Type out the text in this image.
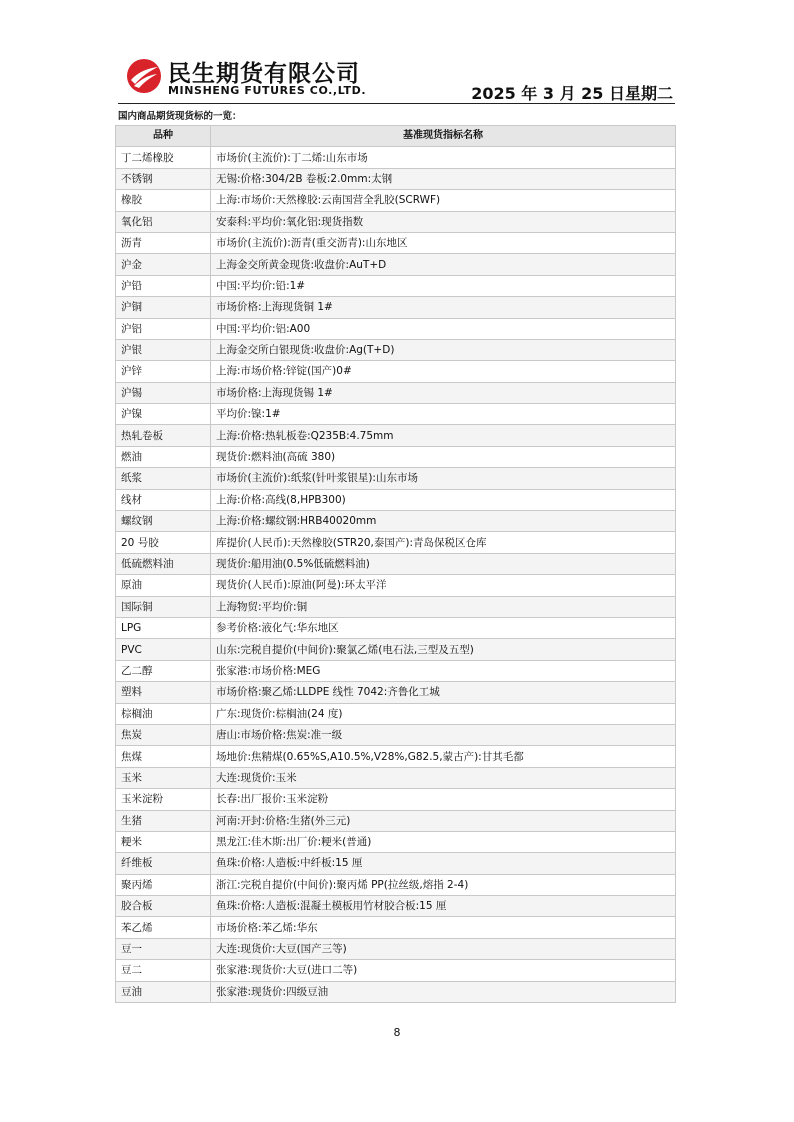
民生期货有限公司
MINSHENG FUTURES CO.,LTD.	2025 年 3 月 25 日星期二
国内商品期货现货标的一览：
品种	基准现货指标名称
丁二烯橡胶	市场价(主流价):丁二烯:山东市场
不锈钢	无锡:价格:304/2B 卷板:2.0mm:太钢
橡胶	上海:市场价:天然橡胶:云南国营全乳胶(SCRWF)
氧化铝	安泰科:平均价:氧化铝:现货指数
沥青	市场价(主流价):沥青(重交沥青):山东地区
沪金	上海金交所黄金现货:收盘价:AuT+D
沪铅	中国:平均价:铅:1#
沪铜	市场价格:上海现货铜 1#
沪铝	中国:平均价:铝:A00
沪银	上海金交所白银现货:收盘价:Ag(T+D)
沪锌	上海:市场价格:锌锭(国产)0#
沪锡	市场价格:上海现货锡 1#
沪镍	平均价:镍:1#
热轧卷板	上海:价格:热轧板卷:Q235B:4.75mm
燃油	现货价:燃料油(高硫 380)
纸浆	市场价(主流价):纸浆(针叶浆银星):山东市场
线材	上海:价格:高线(8,HPB300)
螺纹钢	上海:价格:螺纹钢:HRB40020mm
20 号胶	库提价(人民币):天然橡胶(STR20,泰国产):青岛保税区仓库
低硫燃料油	现货价:船用油(0.5%低硫燃料油)
原油	现货价(人民币):原油(阿曼):环太平洋
国际铜	上海物贸:平均价:铜
LPG	参考价格:液化气:华东地区
PVC	山东:完税自提价(中间价):聚氯乙烯(电石法,三型及五型)
乙二醇	张家港:市场价格:MEG
塑料	市场价格:聚乙烯:LLDPE 线性 7042:齐鲁化工城
棕榈油	广东:现货价:棕榈油(24 度)
焦炭	唐山:市场价格:焦炭:准一级
焦煤	场地价:焦精煤(0.65%S,A10.5%,V28%,G82.5,蒙古产):甘其毛都
玉米	大连:现货价:玉米
玉米淀粉	长春:出厂报价:玉米淀粉
生猪	河南:开封:价格:生猪(外三元)
粳米	黑龙江:佳木斯:出厂价:粳米(普通)
纤维板	鱼珠:价格:人造板:中纤板:15 厘
聚丙烯	浙江:完税自提价(中间价):聚丙烯 PP(拉丝级,熔指 2-4)
胶合板	鱼珠:价格:人造板:混凝土模板用竹材胶合板:15 厘
苯乙烯	市场价格:苯乙烯:华东
豆一	大连:现货价:大豆(国产三等)
豆二	张家港:现货价:大豆(进口二等)
豆油	张家港:现货价:四级豆油
8
